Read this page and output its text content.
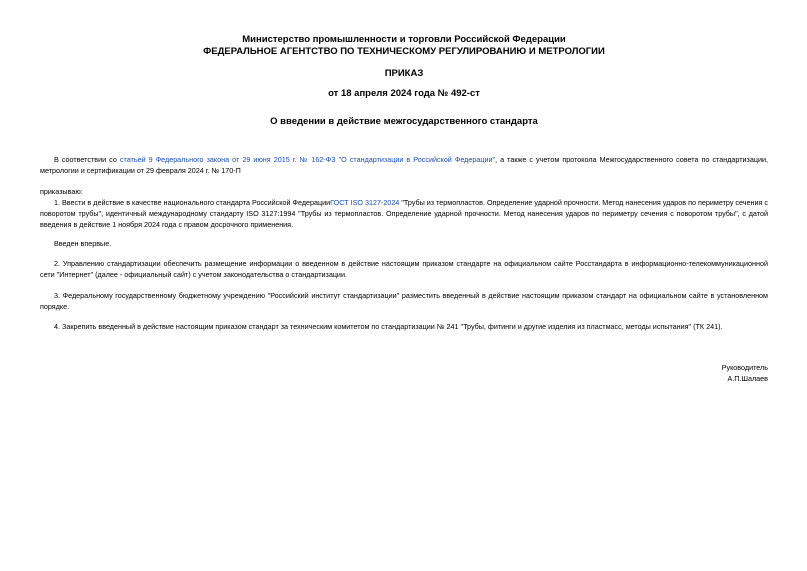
Министерство промышленности и торговли Российской Федерации
ФЕДЕРАЛЬНОЕ АГЕНТСТВО ПО ТЕХНИЧЕСКОМУ РЕГУЛИРОВАНИЮ И МЕТРОЛОГИИ
ПРИКАЗ
от 18 апреля 2024 года № 492-ст
О введении в действие межгосударственного стандарта
В соответствии со статьей 9 Федерального закона от 29 июня 2015 г. № 162-ФЗ "О стандартизации в Российской Федерации", а также с учетом протокола Межгосударственного совета по стандартизации, метрологии и сертификации от 29 февраля 2024 г. № 170-П
приказываю:
1. Ввести в действие в качестве национального стандарта Российской ФедерацииГОСТ ISO 3127-2024 "Трубы из термопластов. Определение ударной прочности. Метод нанесения ударов по периметру сечения с поворотом трубы", идентичный международному стандарту ISO 3127:1994 "Трубы из термопластов. Определение ударной прочности. Метод нанесения ударов по периметру сечения с поворотом трубы", с датой введения в действие 1 ноября 2024 года с правом досрочного применения.
Введен впервые.
2. Управлению стандартизации обеспечить размещение информации о введенном в действие настоящим приказом стандарте на официальном сайте Росстандарта в информационно-телекоммуникационной сети "Интернет" (далее - официальный сайт) с учетом законодательства о стандартизации.
3. Федеральному государственному бюджетному учреждению "Российский институт стандартизации" разместить введенный в действие настоящим приказом стандарт на официальном сайте в установленном порядке.
4. Закрепить введенный в действие настоящим приказом стандарт за техническим комитетом по стандартизации № 241 "Трубы, фитинги и другие изделия из пластмасс, методы испытания" (ТК 241).
Руководитель
А.П.Шалаев
